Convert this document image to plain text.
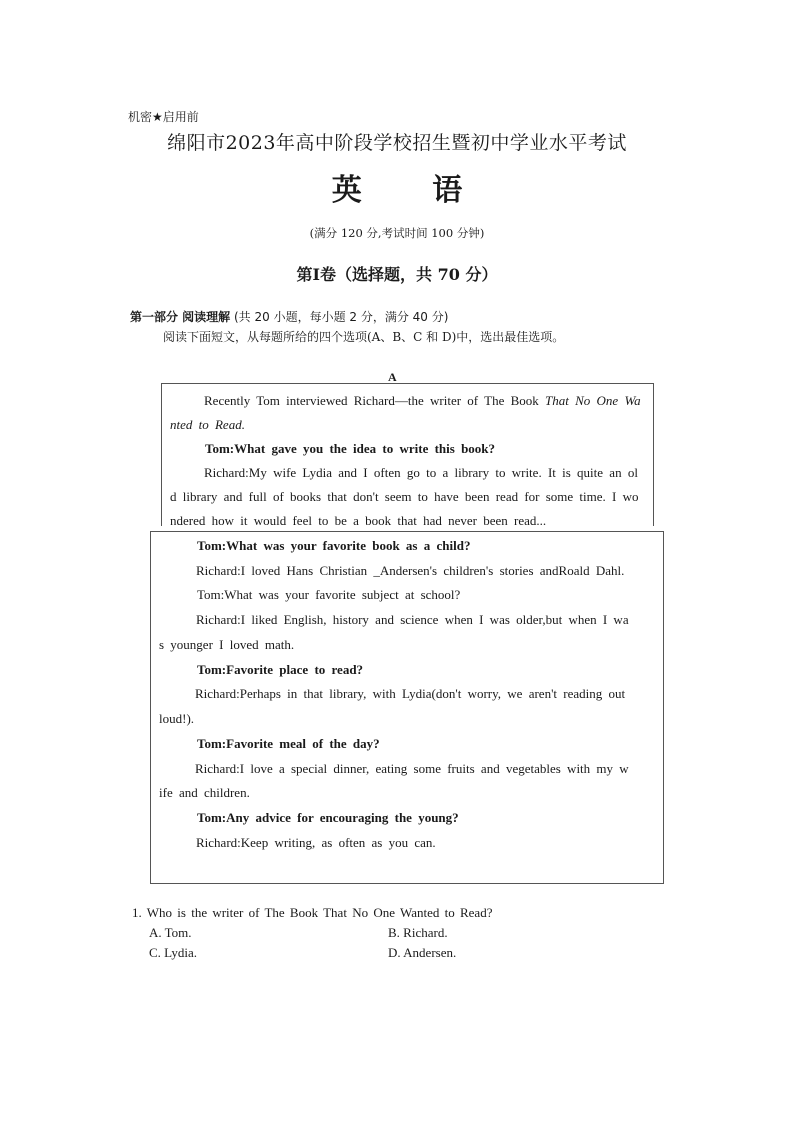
机密★启用前
绵阳市2023年高中阶段学校招生暨初中学业水平考试
英 语
(满分 120 分,考试时间 100 分钟)
第Ⅰ卷（选择题，共 70 分）
第一部分 阅读理解 (共 20 小题，每小题 2 分，满分 40 分)
阅读下面短文，从每题所给的四个选项(A、B、C 和 D)中，选出最佳选项。
A
Recently Tom interviewed Richard—the writer of The Book That No One Wa
nted to Read.
Tom:What gave you the idea to write this book?
Richard:My wife Lydia and I often go to a library to write. It is quite an ol
d library and full of books that don't seem to have been read for some time. I wo
ndered how it would feel to be a book that had never been read...
Tom:What was your favorite book as a child?
Richard:I loved Hans Christian _Andersen's children's stories andRoald Dahl.
Tom:What was your favorite subject at school?
Richard:I liked English, history and science when I was older,but when I wa
s younger I loved math.
Tom:Favorite place to read?
Richard:Perhaps in that library, with Lydia(don't worry, we aren't reading out
loud!).
Tom:Favorite meal of the day?
Richard:I love a special dinner, eating some fruits and vegetables with my w
ife and children.
Tom:Any advice for encouraging the young?
Richard:Keep writing, as often as you can.
1. Who is the writer of The Book That No One Wanted to Read?
A. Tom.	B. Richard.
C. Lydia.	D. Andersen.
